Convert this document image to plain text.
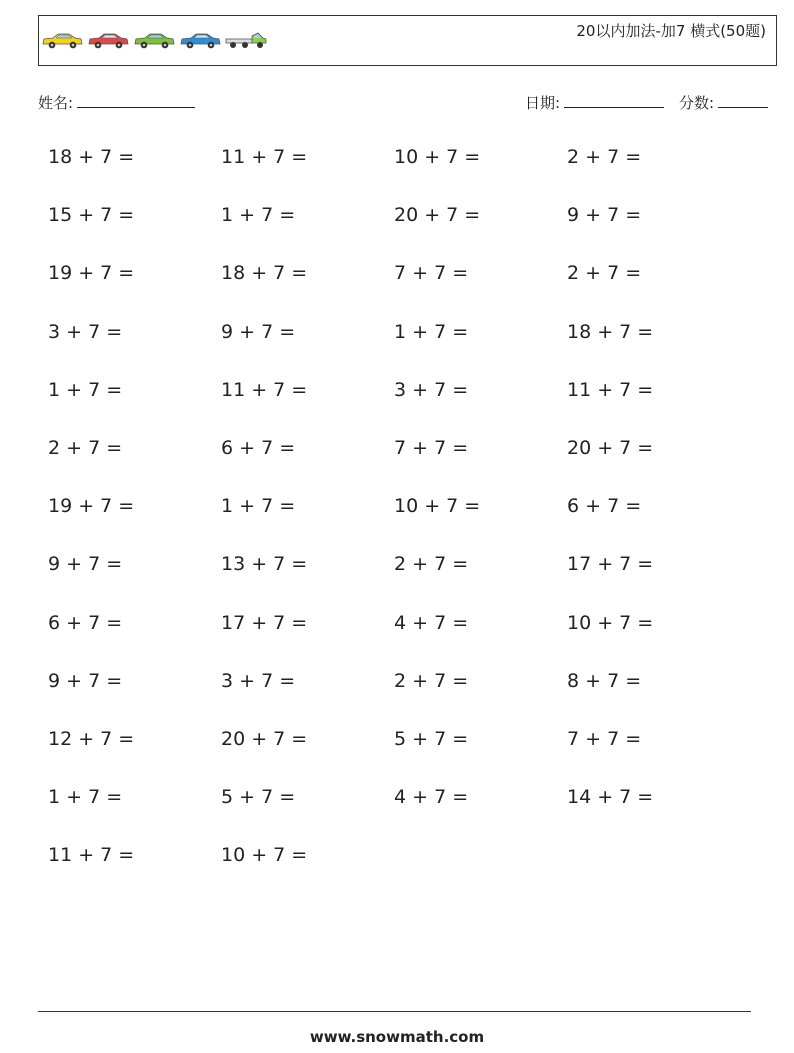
20以内加法-加7 横式(50题)
姓名:	日期:	分数:
18 + 7 =	11 + 7 =	10 + 7 =	2 + 7 =
15 + 7 =	1 + 7 =	20 + 7 =	9 + 7 =
19 + 7 =	18 + 7 =	7 + 7 =	2 + 7 =
3 + 7 =	9 + 7 =	1 + 7 =	18 + 7 =
1 + 7 =	11 + 7 =	3 + 7 =	11 + 7 =
2 + 7 =	6 + 7 =	7 + 7 =	20 + 7 =
19 + 7 =	1 + 7 =	10 + 7 =	6 + 7 =
9 + 7 =	13 + 7 =	2 + 7 =	17 + 7 =
6 + 7 =	17 + 7 =	4 + 7 =	10 + 7 =
9 + 7 =	3 + 7 =	2 + 7 =	8 + 7 =
12 + 7 =	20 + 7 =	5 + 7 =	7 + 7 =
1 + 7 =	5 + 7 =	4 + 7 =	14 + 7 =
11 + 7 =	10 + 7 =
www.snowmath.com
